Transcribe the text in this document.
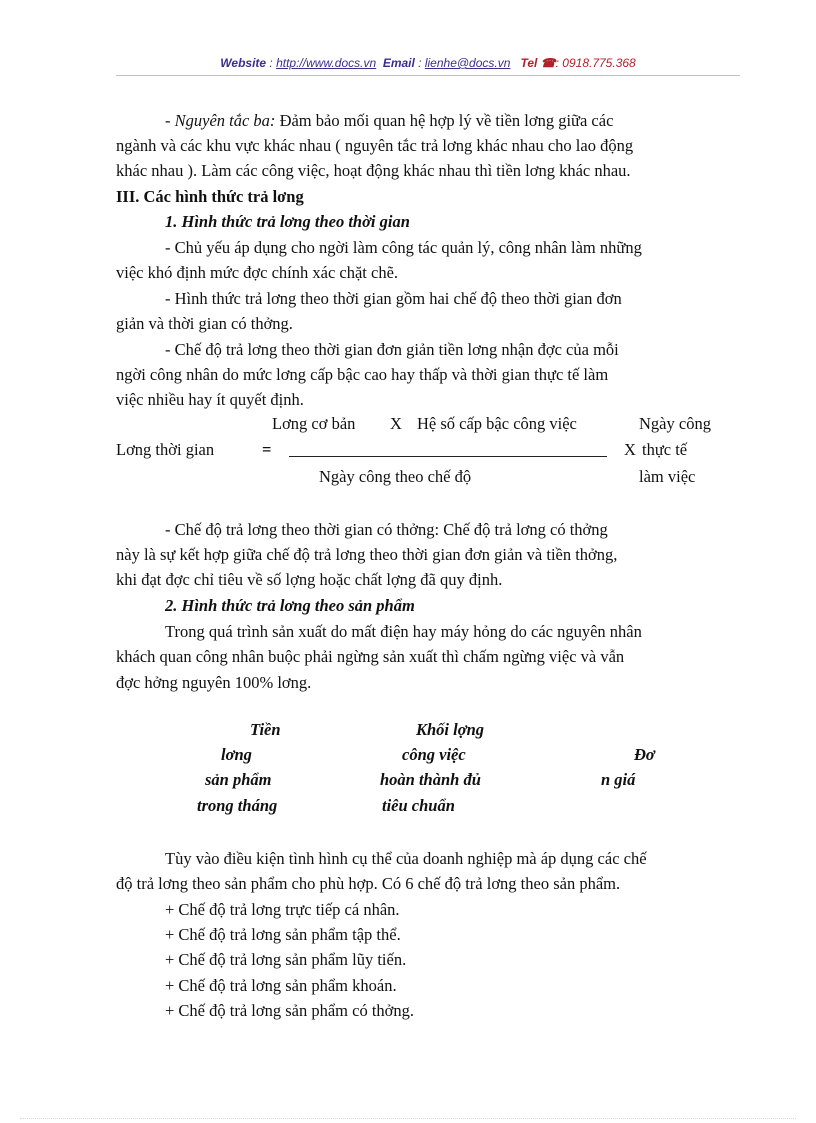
Website : http://www.docs.vn Email : lienhe@docs.vn Tel ☎: 0918.775.368
- Nguyên tắc ba: Đảm bảo mối quan hệ hợp lý về tiền lơng giữa các
ngành và các khu vực khác nhau ( nguyên tắc trả lơng khác nhau cho lao động
khác nhau ). Làm các công việc, hoạt động khác nhau thì tiền lơng khác nhau.
III. Các hình thức trả lơng
1. Hình thức trả lơng theo thời gian
- Chủ yếu áp dụng cho ngời làm công tác quản lý, công nhân làm những
việc khó định mức đợc chính xác chặt chẽ.
- Hình thức trả lơng theo thời gian gồm hai chế độ theo thời gian đơn
giản và thời gian có thởng.
- Chế độ trả lơng theo thời gian đơn giản tiền lơng nhận đợc của mỗi
ngời công nhân do mức lơng cấp bậc cao hay thấp và thời gian thực tế làm
việc nhiều hay ít quyết định.
Lơng cơ bản X Hệ số cấp bậc công việc	Ngày công
Lơng thời gian	=	X thực tế
Ngày công theo chế độ	làm việc
- Chế độ trả lơng theo thời gian có thởng: Chế độ trả lơng có thởng
này là sự kết hợp giữa chế độ trả lơng theo thời gian đơn giản và tiền thởng,
khi đạt đợc chỉ tiêu về số lợng hoặc chất lợng đã quy định.
2. Hình thức trả lơng theo sản phẩm
Trong quá trình sản xuất do mất điện hay máy hỏng do các nguyên nhân
khách quan công nhân buộc phải ngừng sản xuất thì chấm ngừng việc và vẫn
đợc hởng nguyên 100% lơng.
Tiền
lơng
sản phẩm
trong tháng
Khối lợng
công việc
hoàn thành đủ
tiêu chuẩn
Đơ
n giá
Tùy vào điều kiện tình hình cụ thể của doanh nghiệp mà áp dụng các chế
độ trả lơng theo sản phẩm cho phù hợp. Có 6 chế độ trả lơng theo sản phẩm.
+ Chế độ trả lơng trực tiếp cá nhân.
+ Chế độ trả lơng sản phẩm tập thể.
+ Chế độ trả lơng sản phẩm lũy tiến.
+ Chế độ trả lơng sản phẩm khoán.
+ Chế độ trả lơng sản phẩm có thởng.
